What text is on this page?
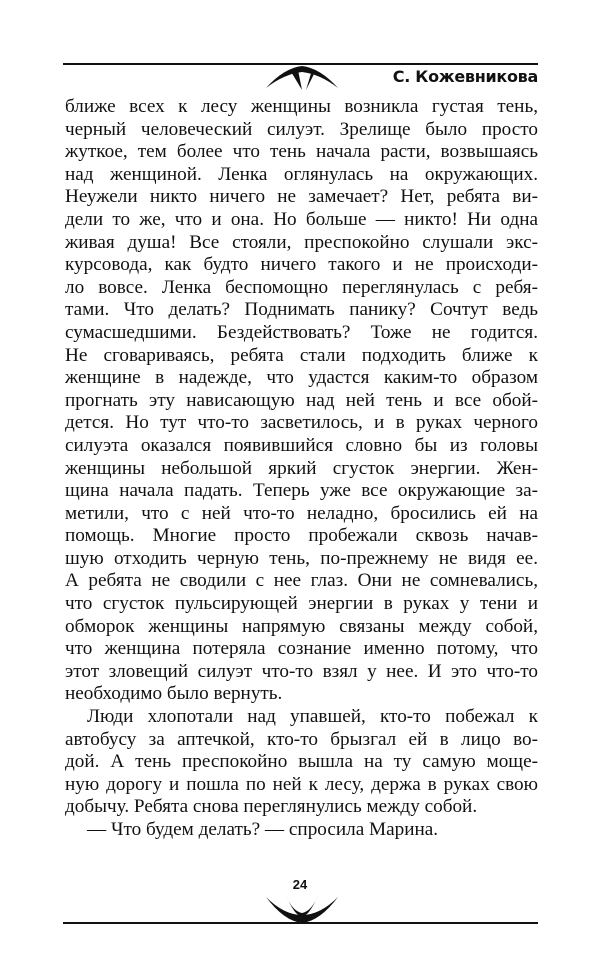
С. Кожевникова
ближе всех к лесу женщины возникла густая тень,
черный человеческий силуэт. Зрелище было просто
жуткое, тем более что тень начала расти, возвышаясь
над женщиной. Ленка оглянулась на окружающих.
Неужели никто ничего не замечает? Нет, ребята ви-
дели то же, что и она. Но больше — никто! Ни одна
живая душа! Все стояли, преспокойно слушали экс-
курсовода, как будто ничего такого и не происходи-
ло вовсе. Ленка беспомощно переглянулась с ребя-
тами. Что делать? Поднимать панику? Сочтут ведь
сумасшедшими. Бездействовать? Тоже не годится.
Не сговариваясь, ребята стали подходить ближе к
женщине в надежде, что удастся каким-то образом
прогнать эту нависающую над ней тень и все обой-
дется. Но тут что-то засветилось, и в руках черного
силуэта оказался появившийся словно бы из головы
женщины небольшой яркий сгусток энергии. Жен-
щина начала падать. Теперь уже все окружающие за-
метили, что с ней что-то неладно, бросились ей на
помощь. Многие просто пробежали сквозь начав-
шую отходить черную тень, по-прежнему не видя ее.
А ребята не сводили с нее глаз. Они не сомневались,
что сгусток пульсирующей энергии в руках у тени и
обморок женщины напрямую связаны между собой,
что женщина потеряла сознание именно потому, что
этот зловещий силуэт что-то взял у нее. И это что-то
необходимо было вернуть.
Люди хлопотали над упавшей, кто-то побежал к
автобусу за аптечкой, кто-то брызгал ей в лицо во-
дой. А тень преспокойно вышла на ту самую моще-
ную дорогу и пошла по ней к лесу, держа в руках свою
добычу. Ребята снова переглянулись между собой.
— Что будем делать? — спросила Марина.
24
